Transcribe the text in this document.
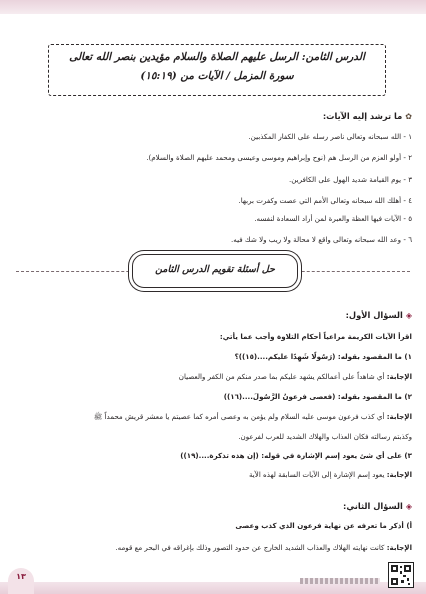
الدرس الثامن: الرسل عليهم الصلاة والسلام مؤيدين بنصر الله تعالى
سورة المزمل / الآيات من (١٥:١٩)
✿ما ترشد إليه الآيات:
١ - الله سبحانه وتعالى ناصر رسله على الكفار المكذبين.
٢ - أولو العزم من الرسل هم (نوح وإبراهيم وموسى وعيسى ومحمد عليهم الصلاة والسلام).
٣ - يوم القيامة شديد الهول على الكافرين.
٤ - أهلك الله سبحانه وتعالى الأمم التي عصت وكفرت بربها.
٥ - الآيات فيها العظة والعبرة لمن أراد السعادة لنفسه.
٦ - وعد الله سبحانه وتعالى واقع لا محالة ولا ريب ولا شك فيه.
حل أسئلة تقويم الدرس الثامن
◈السؤال الأول:
اقرأ الآيات الكريمة مراعياً أحكام التلاوة وأجب عما يأتي:
١) ما المقصود بقوله: (رَسُولًا شَهِدًا عليكم....(١٥))؟
الإجابة: أي شاهداً على أعمالكم يشهد عليكم بما صدر منكم من الكفر والعصيان
٢) ما المقصود بقوله: (فعصى فرعونُ الرَّسُولَ....(١٦))
الإجابة: أي كذب فرعون موسى عليه السلام ولم يؤمن به وعصى أمره كما عصيتم يا معشر قريش محمداً ﷺ
وكذبتم رسالته فكان العذاب والهلاك الشديد للعرب لفرعون.
٣) على أي شئ يعود إسم الإشارة في قوله: (إن هذه تذكرة....(١٩))
الإجابة: يعود إسم الإشارة إلى الآيات السابقة لهذه الآية
◈السؤال الثاني:
أ) أذكر ما تعرفه عن نهاية فرعون الذي كذب وعصى
الإجابة: كانت نهايته الهلاك والعذاب الشديد الخارج عن حدود التصور وذلك بإغراقه في البحر مع قومه.
١٣
